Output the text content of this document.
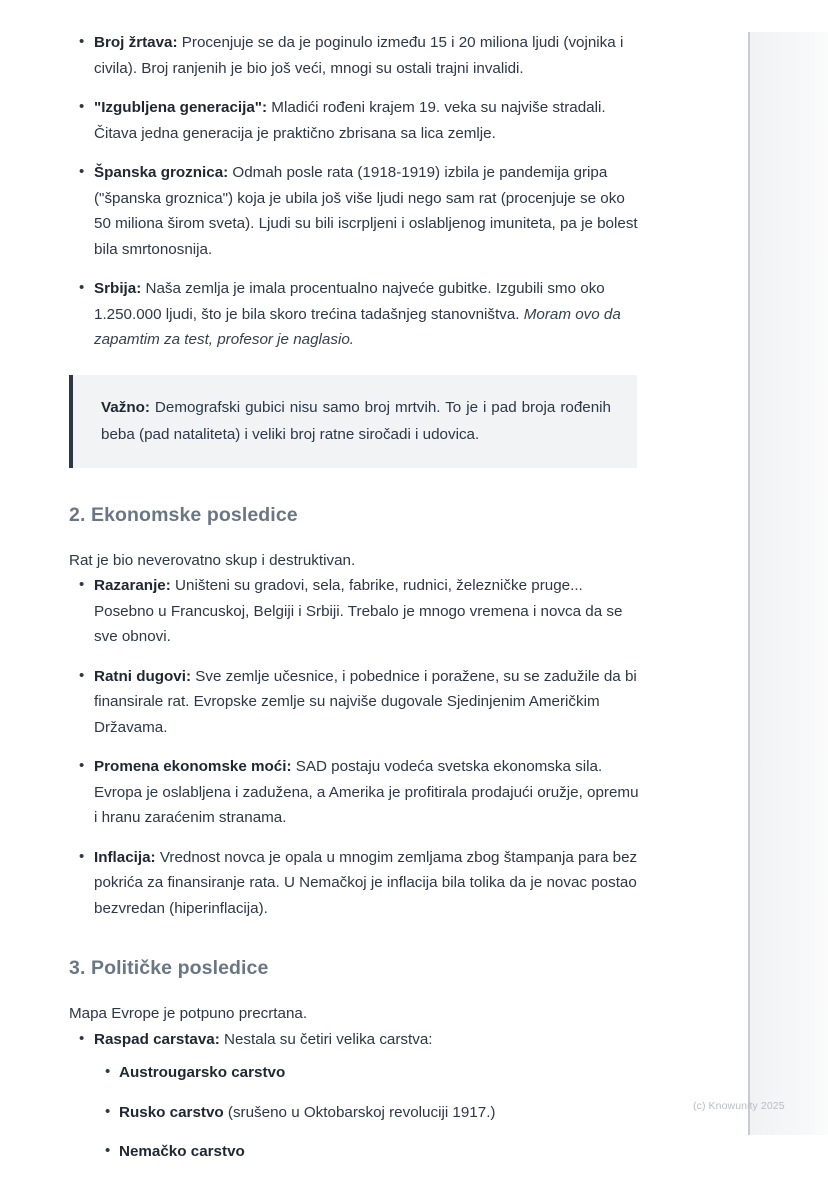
• Broj žrtava: Procenjuje se da je poginulo između 15 i 20 miliona ljudi (vojnika i civila). Broj ranjenih je bio još veći, mnogi su ostali trajni invalidi.
• "Izgubljena generacija": Mladići rođeni krajem 19. veka su najviše stradali. Čitava jedna generacija je praktično zbrisana sa lica zemlje.
• Španska groznica: Odmah posle rata (1918-1919) izbila je pandemija gripa ("španska groznica") koja je ubila još više ljudi nego sam rat (procenjuje se oko 50 miliona širom sveta). Ljudi su bili iscrpljeni i oslabljenog imuniteta, pa je bolest bila smrtonosnija.
• Srbija: Naša zemlja je imala procentualno najveće gubitke. Izgubili smo oko 1.250.000 ljudi, što je bila skoro trećina tadašnjeg stanovništva. Moram ovo da zapamtim za test, profesor je naglasio.

Važno: Demografski gubici nisu samo broj mrtvih. To je i pad broja rođenih beba (pad nataliteta) i veliki broj ratne siročadi i udovica.

2. Ekonomske posledice

Rat je bio neverovatno skup i destruktivan.

• Razaranje: Uništeni su gradovi, sela, fabrike, rudnici, železničke pruge... Posebno u Francuskoj, Belgiji i Srbiji. Trebalo je mnogo vremena i novca da se sve obnovi.
• Ratni dugovi: Sve zemlje učesnice, i pobednice i poražene, su se zadužile da bi finansirale rat. Evropske zemlje su najviše dugovale Sjedinjenim Američkim Državama.
• Promena ekonomske moći: SAD postaju vodeća svetska ekonomska sila. Evropa je oslabljena i zadužena, a Amerika je profitirala prodajući oružje, opremu i hranu zaraćenim stranama.
• Inflacija: Vrednost novca je opala u mnogim zemljama zbog štampanja para bez pokrića za finansiranje rata. U Nemačkoj je inflacija bila tolika da je novac postao bezvredan (hiperinflacija).
3. Političke posledice

Mapa Evrope je potpuno precrtana.

• Raspad carstava: Nestala su četiri velika carstva:
• Austrougarsko carstvo
• Rusko carstvo (srušeno u Oktobarskoj revoluciji 1917.)
• Nemačko carstvo
(c) Knowunity 2025
